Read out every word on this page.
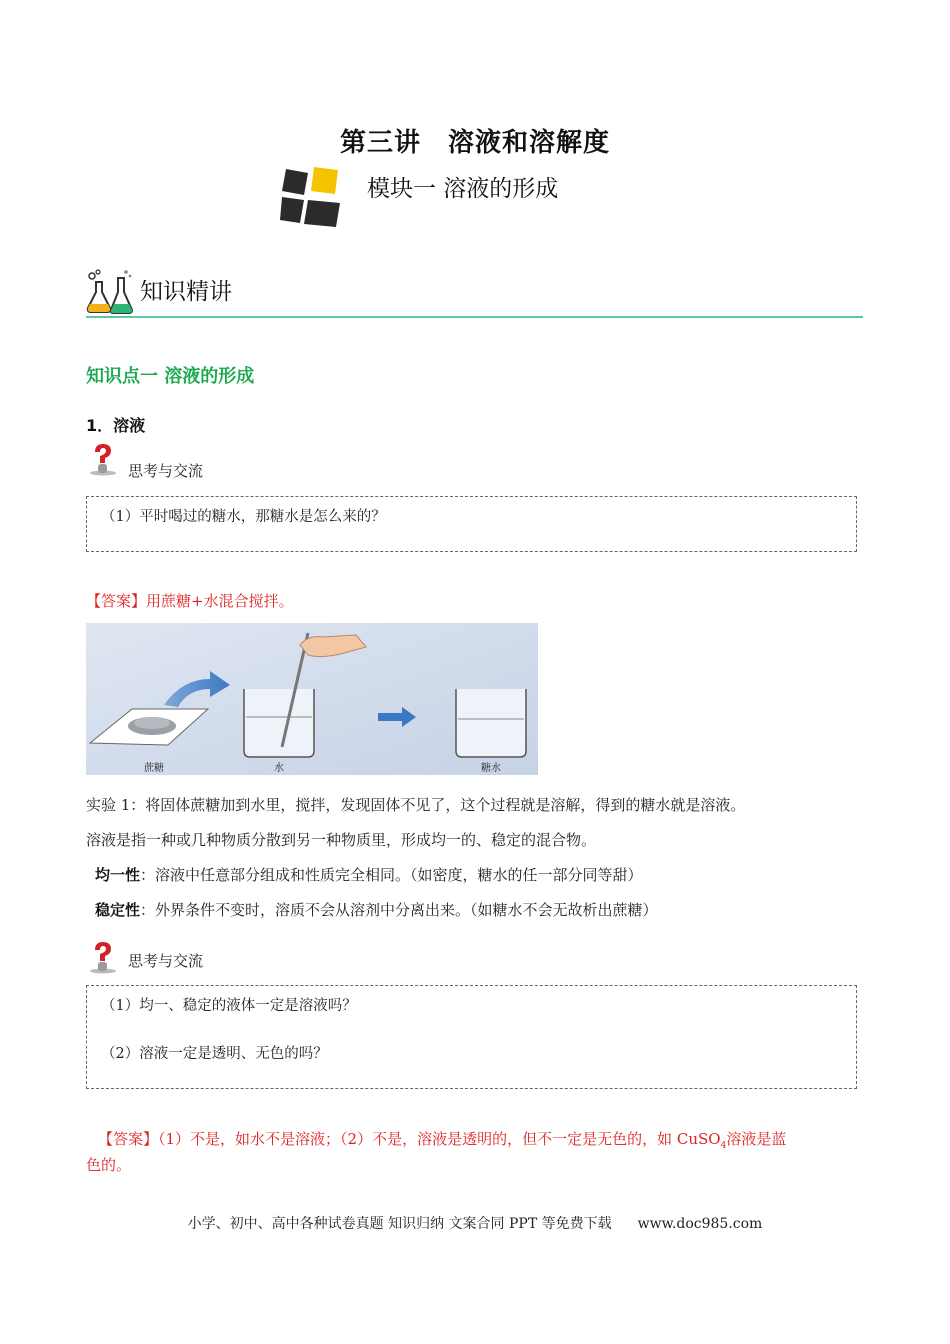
第三讲　溶液和溶解度
模块一 溶液的形成
知识精讲
知识点一 溶液的形成
1．溶液
思考与交流
（1）平时喝过的糖水，那糖水是怎么来的？
【答案】用蔗糖+水混合搅拌。
蔗糖	水	糖水
实验 1：将固体蔗糖加到水里，搅拌，发现固体不见了，这个过程就是溶解，得到的糖水就是溶液。
溶液是指一种或几种物质分散到另一种物质里，形成均一的、稳定的混合物。
均一性：溶液中任意部分组成和性质完全相同。（如密度，糖水的任一部分同等甜）
稳定性：外界条件不变时，溶质不会从溶剂中分离出来。（如糖水不会无故析出蔗糖）
思考与交流
（1）均一、稳定的液体一定是溶液吗？
（2）溶液一定是透明、无色的吗？
【答案】（1）不是，如水不是溶液；（2）不是，溶液是透明的，但不一定是无色的，如 CuSO$_4$溶液是蓝
色的。
小学、初中、高中各种试卷真题 知识归纳 文案合同 PPT 等免费下载 www.doc985.com
